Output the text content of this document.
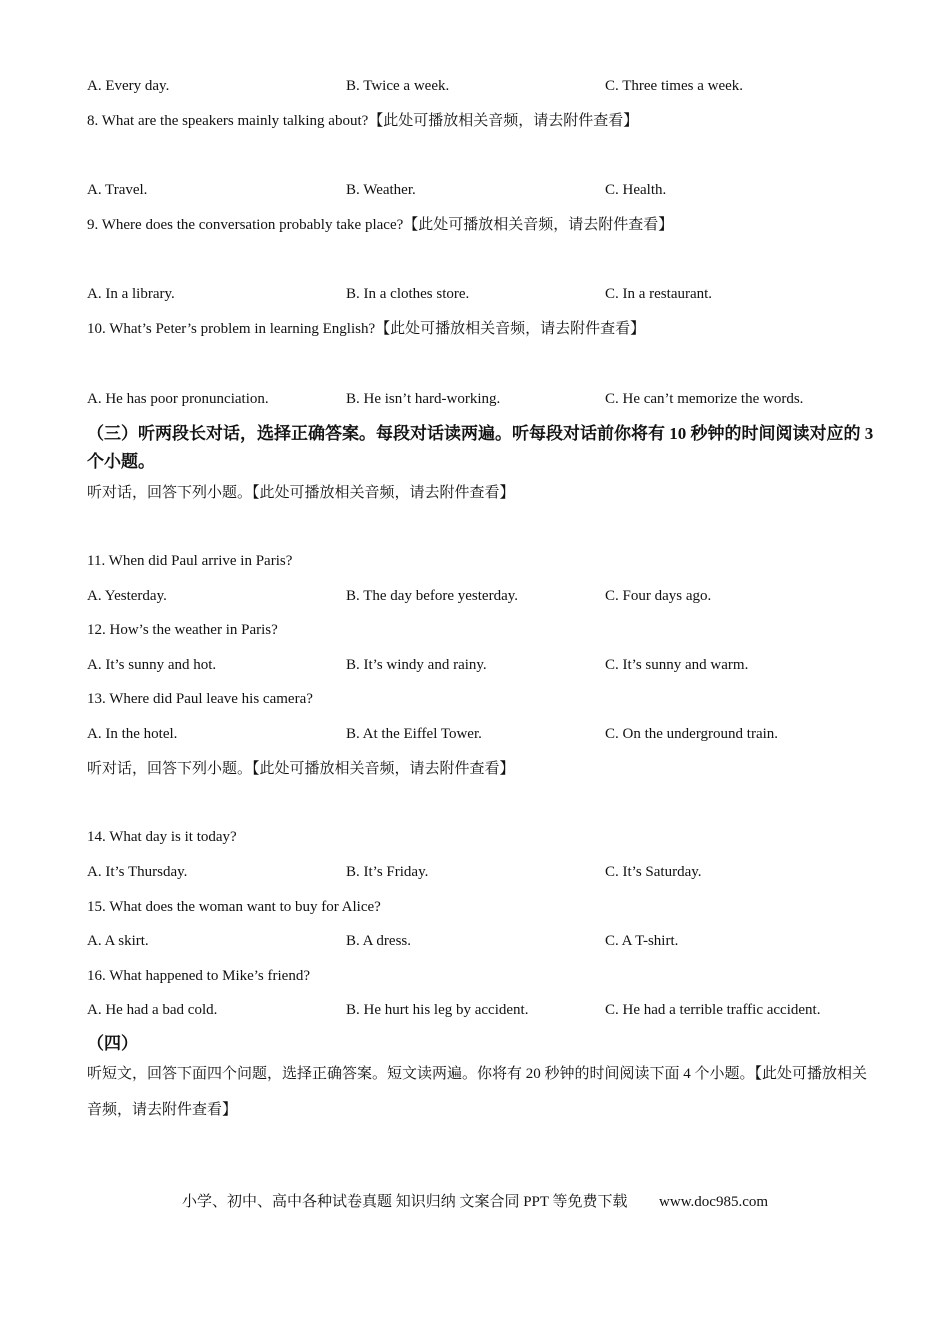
A. Every day.	B. Twice a week.	C. Three times a week.
8. What are the speakers mainly talking about?【此处可播放相关音频，请去附件查看】
A. Travel.	B. Weather.	C. Health.
9. Where does the conversation probably take place?【此处可播放相关音频，请去附件查看】
A. In a library.	B. In a clothes store.	C. In a restaurant.
10. What’s Peter’s problem in learning English?【此处可播放相关音频，请去附件查看】
A. He has poor pronunciation.	B. He isn’t hard-working.	C. He can’t memorize the words.
（三）听两段长对话，选择正确答案。每段对话读两遍。听每段对话前你将有 10 秒钟的时间阅读对应的 3 个小题。
听对话，回答下列小题。【此处可播放相关音频，请去附件查看】
11. When did Paul arrive in Paris?
A. Yesterday.	B. The day before yesterday.	C. Four days ago.
12. How’s the weather in Paris?
A. It’s sunny and hot.	B. It’s windy and rainy.	C. It’s sunny and warm.
13. Where did Paul leave his camera?
A. In the hotel.	B. At the Eiffel Tower.	C. On the underground train.
听对话，回答下列小题。【此处可播放相关音频，请去附件查看】
14. What day is it today?
A. It’s Thursday.	B. It’s Friday.	C. It’s Saturday.
15. What does the woman want to buy for Alice?
A. A skirt.	B. A dress.	C. A T-shirt.
16. What happened to Mike’s friend?
A. He had a bad cold.	B. He hurt his leg by accident.	C. He had a terrible traffic accident.
（四）
听短文，回答下面四个问题，选择正确答案。短文读两遍。你将有 20 秒钟的时间阅读下面 4 个小题。【此处可播放相关音频，请去附件查看】
小学、初中、高中各种试卷真题 知识归纳 文案合同 PPT 等免费下载 www.doc985.com
